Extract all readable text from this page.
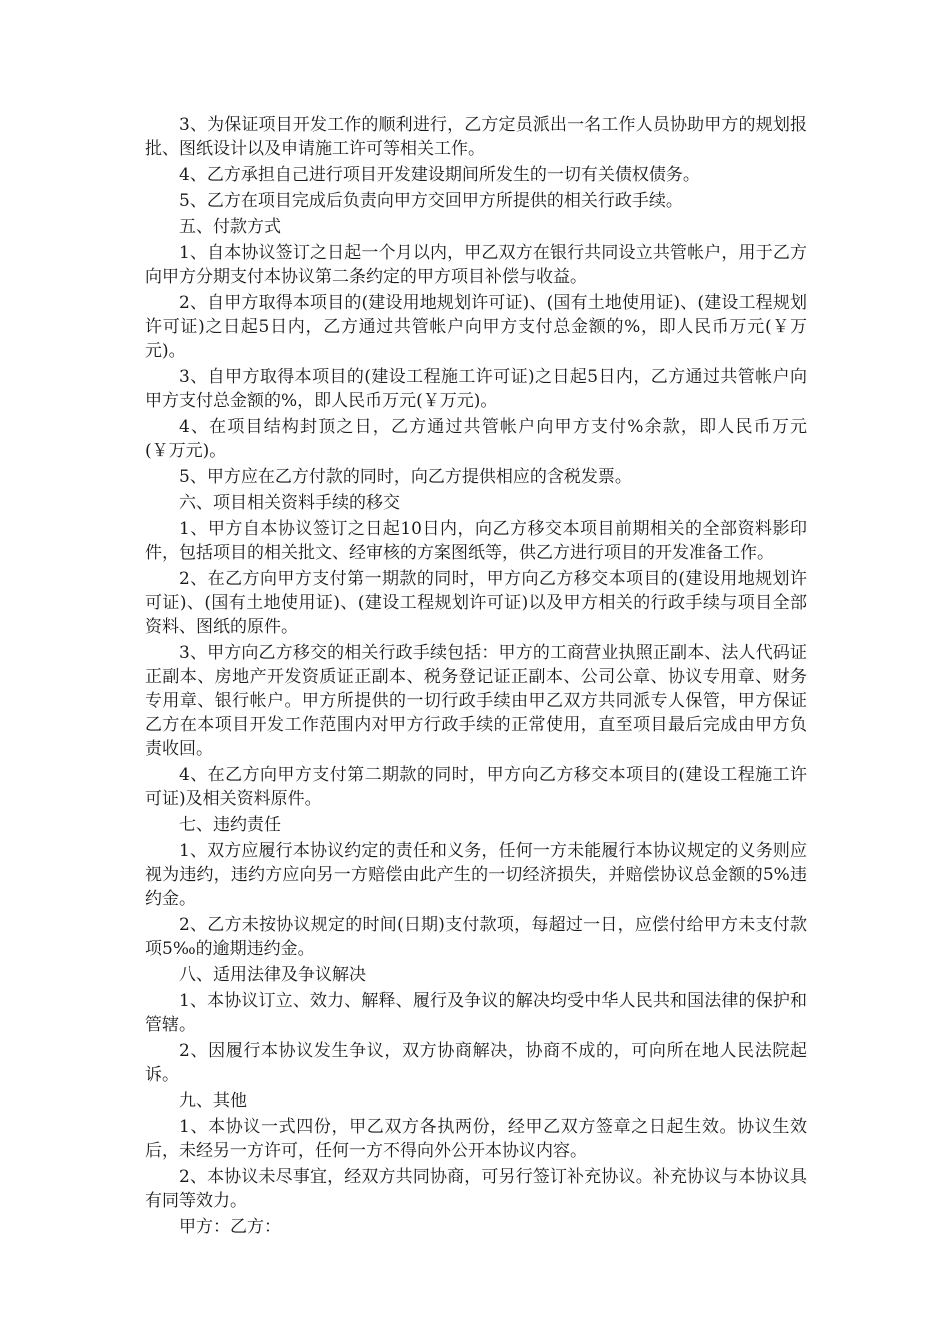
3、为保证项目开发工作的顺利进行，乙方定员派出一名工作人员协助甲方的规划报批、图纸设计以及申请施工许可等相关工作。

4、乙方承担自己进行项目开发建设期间所发生的一切有关债权债务。

5、乙方在项目完成后负责向甲方交回甲方所提供的相关行政手续。

五、付款方式

1、自本协议签订之日起一个月以内，甲乙双方在银行共同设立共管帐户，用于乙方向甲方分期支付本协议第二条约定的甲方项目补偿与收益。

2、自甲方取得本项目的(建设用地规划许可证)、(国有土地使用证)、(建设工程规划许可证)之日起5日内，乙方通过共管帐户向甲方支付总金额的%，即人民币万元(￥万元)。

3、自甲方取得本项目的(建设工程施工许可证)之日起5日内，乙方通过共管帐户向甲方支付总金额的%，即人民币万元(￥万元)。

4、在项目结构封顶之日，乙方通过共管帐户向甲方支付%余款，即人民币万元(￥万元)。

5、甲方应在乙方付款的同时，向乙方提供相应的含税发票。

六、项目相关资料手续的移交

1、甲方自本协议签订之日起10日内，向乙方移交本项目前期相关的全部资料影印件，包括项目的相关批文、经审核的方案图纸等，供乙方进行项目的开发准备工作。

2、在乙方向甲方支付第一期款的同时，甲方向乙方移交本项目的(建设用地规划许可证)、(国有土地使用证)、(建设工程规划许可证)以及甲方相关的行政手续与项目全部资料、图纸的原件。

3、甲方向乙方移交的相关行政手续包括：甲方的工商营业执照正副本、法人代码证正副本、房地产开发资质证正副本、税务登记证正副本、公司公章、协议专用章、财务专用章、银行帐户。甲方所提供的一切行政手续由甲乙双方共同派专人保管，甲方保证乙方在本项目开发工作范围内对甲方行政手续的正常使用，直至项目最后完成由甲方负责收回。

4、在乙方向甲方支付第二期款的同时，甲方向乙方移交本项目的(建设工程施工许可证)及相关资料原件。

七、违约责任

1、双方应履行本协议约定的责任和义务，任何一方未能履行本协议规定的义务则应视为违约，违约方应向另一方赔偿由此产生的一切经济损失，并赔偿协议总金额的5%违约金。

2、乙方未按协议规定的时间(日期)支付款项，每超过一日，应偿付给甲方未支付款项5‰的逾期违约金。

八、适用法律及争议解决

1、本协议订立、效力、解释、履行及争议的解决均受中华人民共和国法律的保护和管辖。

2、因履行本协议发生争议，双方协商解决，协商不成的，可向所在地人民法院起诉。

九、其他

1、本协议一式四份，甲乙双方各执两份，经甲乙双方签章之日起生效。协议生效后，未经另一方许可，任何一方不得向外公开本协议内容。

2、本协议未尽事宜，经双方共同协商，可另行签订补充协议。补充协议与本协议具有同等效力。

甲方：乙方：
